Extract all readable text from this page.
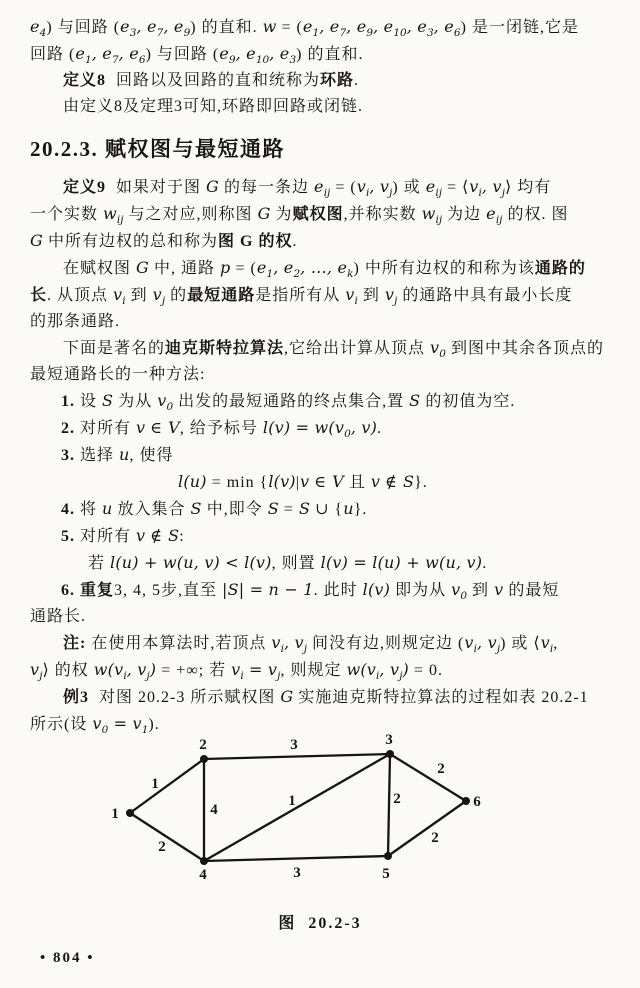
$e_4$) 与回路 ($e_3$, $e_7$, $e_9$) 的直和. $w = (e_1$, $e_7$, $e_9$, $e_{10}$, $e_3$, $e_6$) 是一闭链,它是

回路 ($e_1$, $e_7$, $e_6$) 与回路 ($e_9$, $e_{10}$, $e_3$) 的直和.

定义8  回路以及回路的直和统称为环路.

由定义8及定理3可知,环路即回路或闭链.

20.2.3. 赋权图与最短通路

定义9  如果对于图 G 的每一条边 $e_{ij} = (v_i$, $v_j$) 或 $e_{ij}$ = $⟨v_i$, $v_j⟩$ 均有

一个实数 $w_{ij}$ 与之对应,则称图 G 为赋权图,并称实数 $w_{ij}$ 为边 $e_{ij}$ 的权. 图

G 中所有边权的总和称为图 G 的权.

在赋权图 G 中, 通路 $p = (e_1$, $e_2$, …, $e_k$) 中所有边权的和称为该通路的

长. 从顶点 $v_i$ 到 $v_j$ 的最短通路是指所有从 $v_i$ 到 $v_j$ 的通路中具有最小长度

的那条通路.

下面是著名的迪克斯特拉算法,它给出计算从顶点 $v_0$ 到图中其余各顶点的

最短通路长的一种方法:

1. 设 S 为从 $v_0$ 出发的最短通路的终点集合,置 S 的初值为空.

2. 对所有 v ∈ V, 给予标号 $l(v) = w(v_0$, v).

3. 选择 u, 使得

l(u) = min {l(v)|v ∈ V 且 v ∉ S}.

4. 将 u 放入集合 S 中,即令 S = S ∪ {u}.

5. 对所有 v ∉ S:

若 l(u) + w(u, v) < l(v), 则置 l(v) = l(u) + w(u, v).

6. 重复3, 4, 5步,直至 |S| = n − 1. 此时 l(v) 即为从 $v_0$ 到 v 的最短

通路长.

注: 在使用本算法时,若顶点 $v_i$, $v_j$ 间没有边,则规定边 ($v_i$, $v_j$) 或 $⟨v_i$,

$v_j⟩$ 的权 $w(v_i$, $v_j$) = +∞; 若 $v_i = v_j$, 则规定 $w(v_i$, $v_j) = 0$.

例3  对图 20.2-3 所示赋权图 G 实施迪克斯特拉算法的过程如表 20.2-1

所示(设 $v_0 = v_1$).

1
2
3
4
1	2
2
3
2
1
2	3
4	5
6
图  20.2-3
• 804 •
